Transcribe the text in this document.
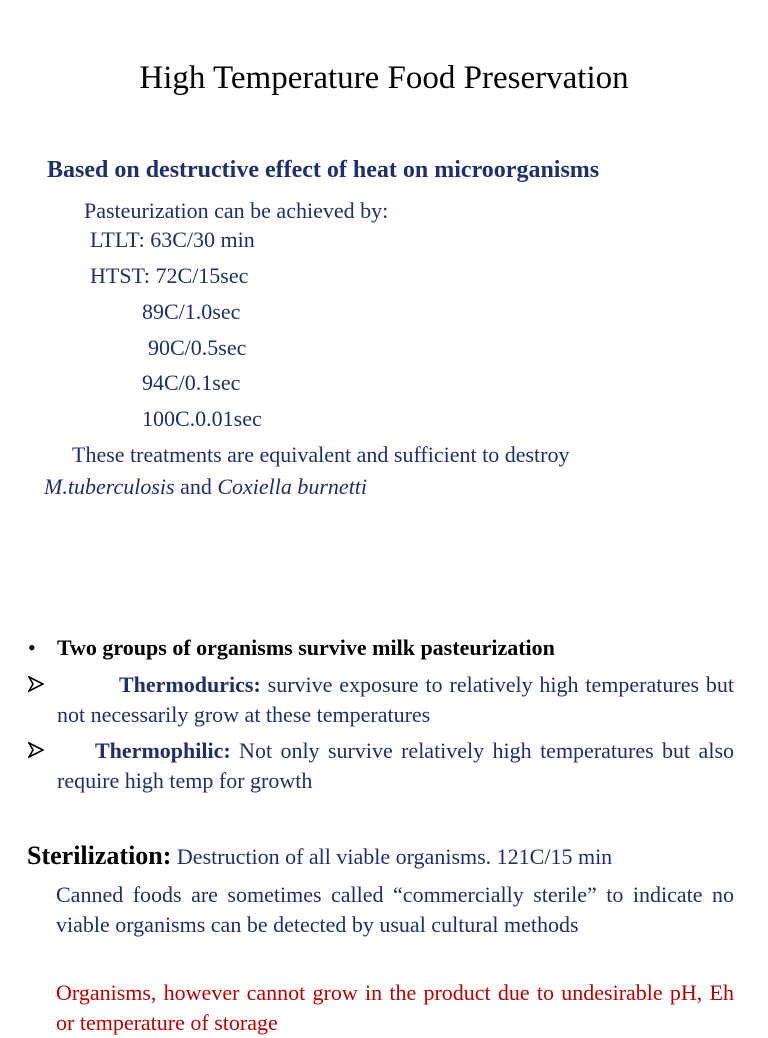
High Temperature Food Preservation
Based on destructive effect of heat on microorganisms
Pasteurization can be achieved by:
LTLT: 63C/30 min
HTST: 72C/15sec
89C/1.0sec
90C/0.5sec
94C/0.1sec
100C.0.01sec
These treatments are equivalent and sufficient to destroy
M.tuberculosis and Coxiella burnetti
• Two groups of organisms survive milk pasteurization
Thermodurics: survive exposure to relatively high temperatures but not necessarily grow at these temperatures
Thermophilic: Not only survive relatively high temperatures but also require high temp for growth
Sterilization: Destruction of all viable organisms. 121C/15 min
Canned foods are sometimes called “commercially sterile” to indicate no viable organisms can be detected by usual cultural methods
Organisms, however cannot grow in the product due to undesirable pH, Eh or temperature of storage
